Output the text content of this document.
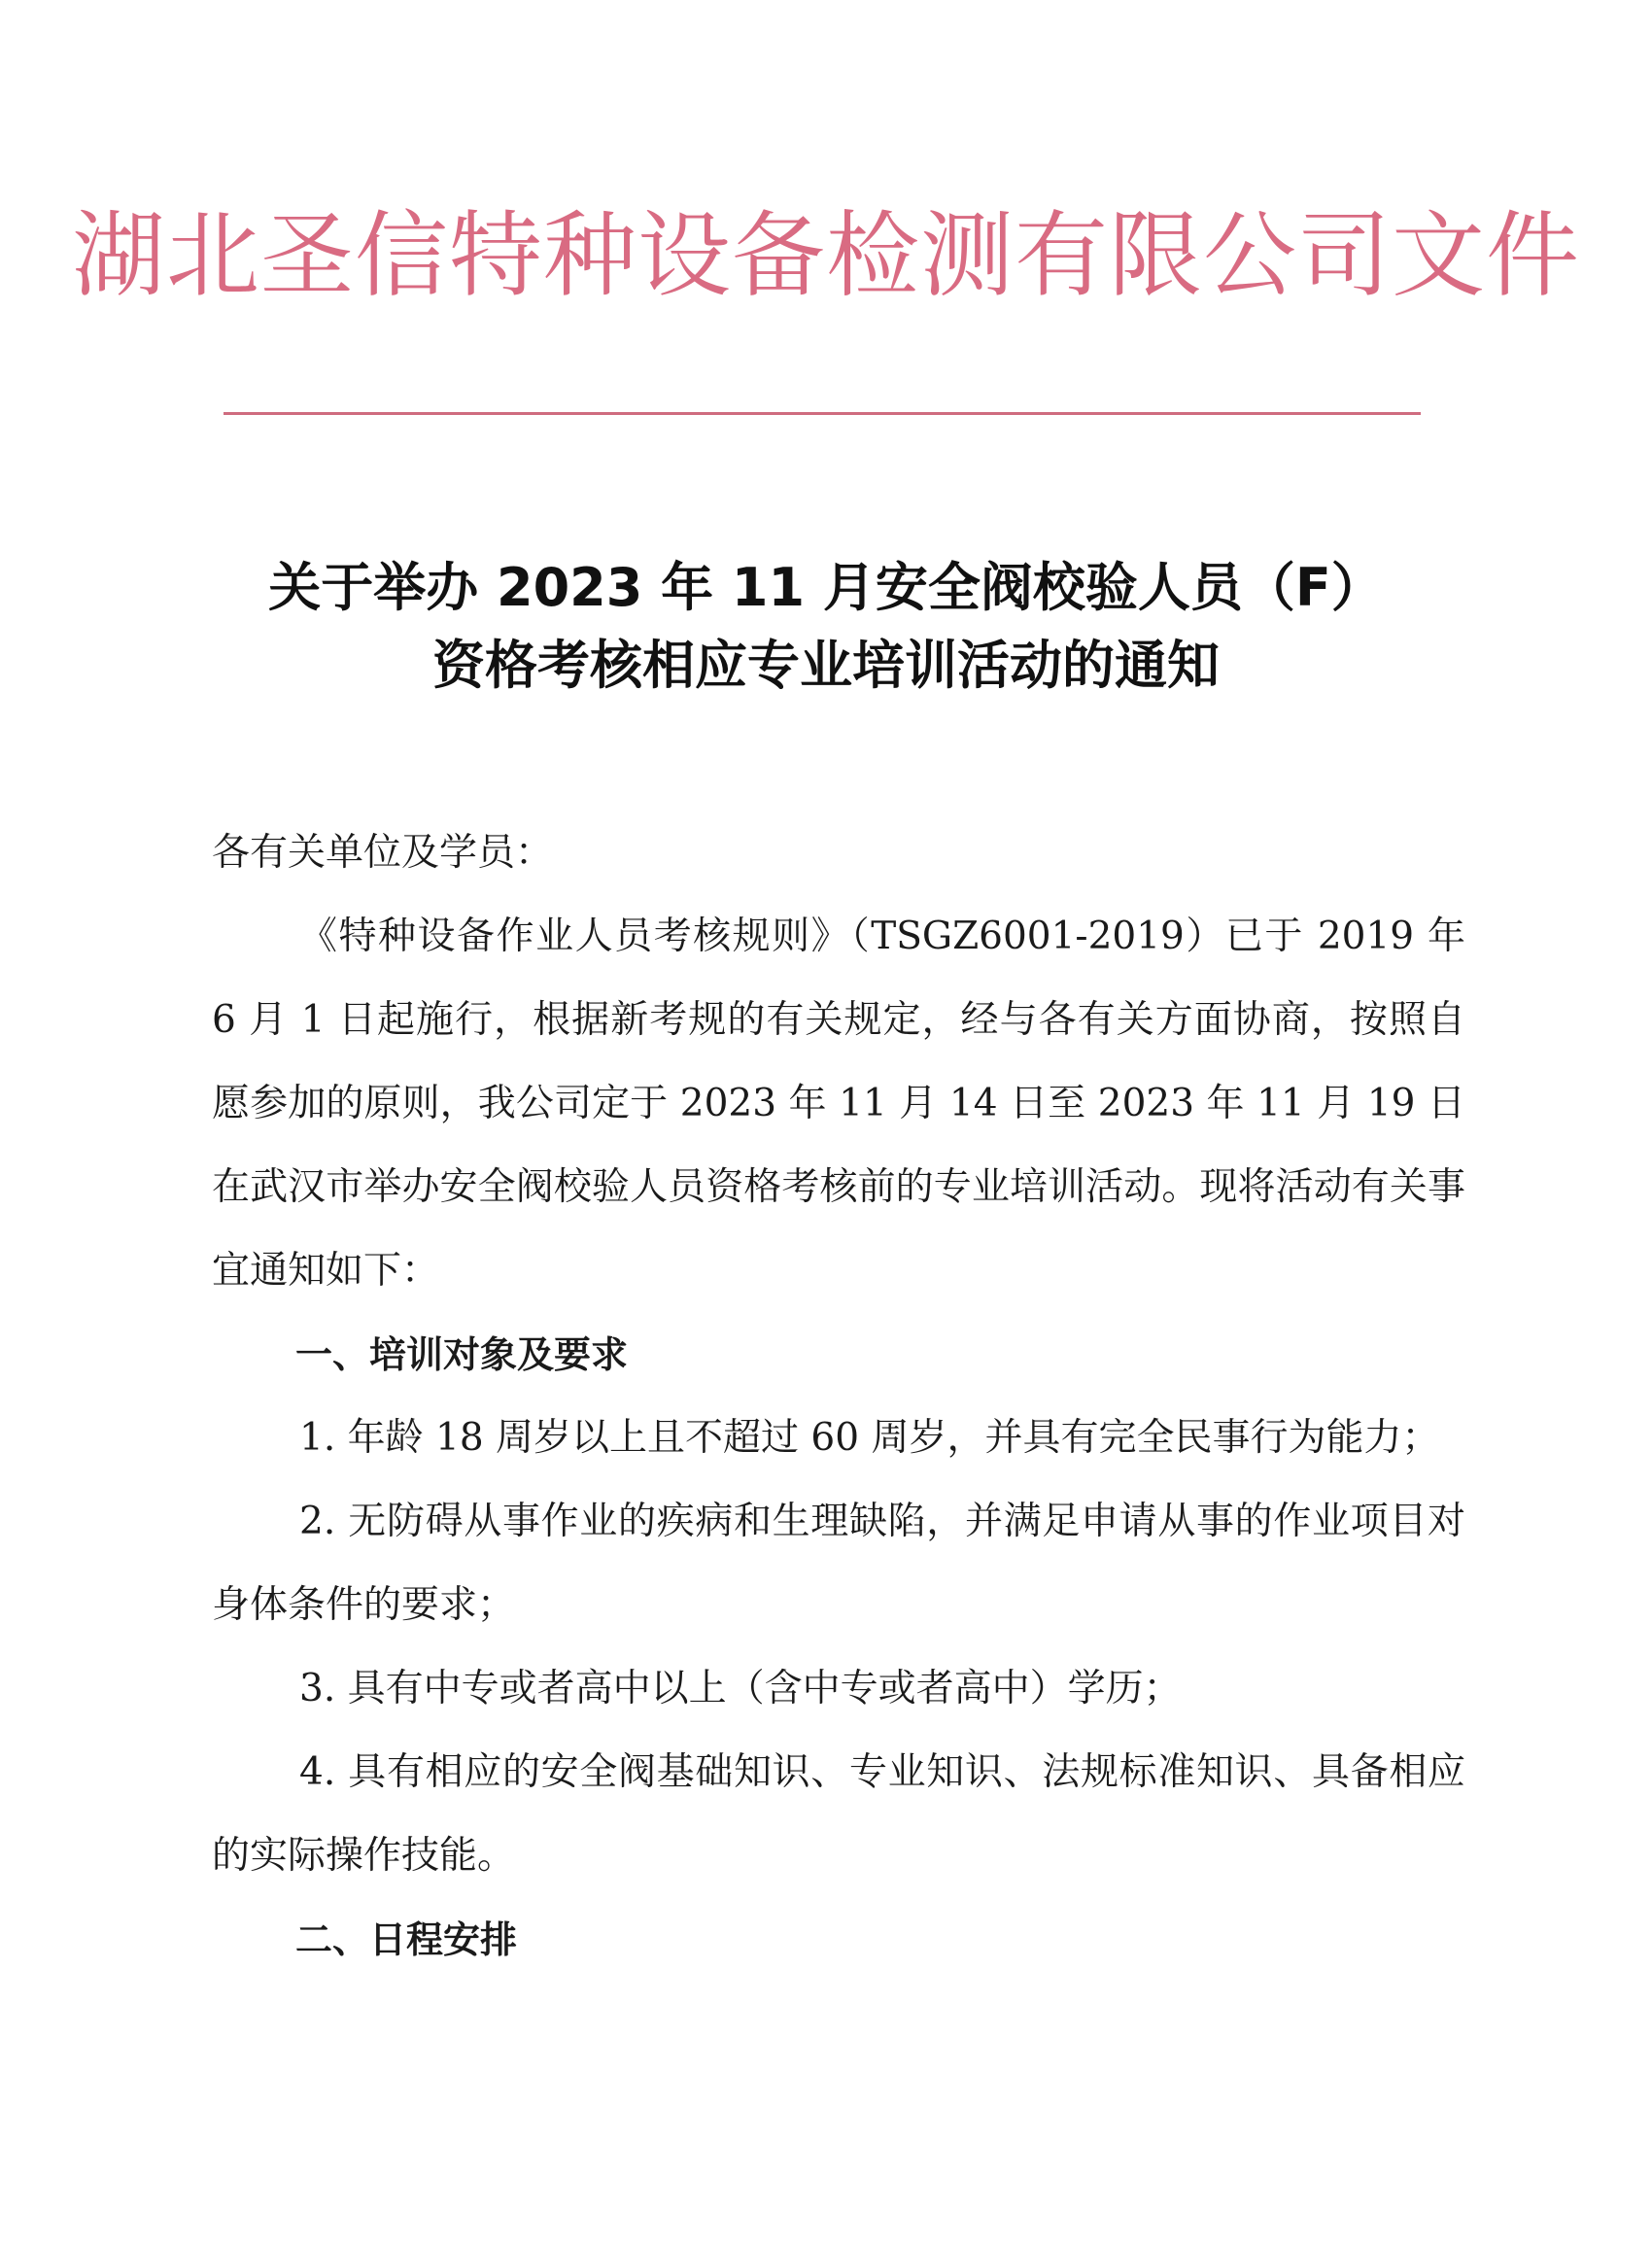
湖北圣信特种设备检测有限公司文件
关于举办 2023 年 11 月安全阀校验人员（F）
资格考核相应专业培训活动的通知

各有关单位及学员：

《特种设备作业人员考核规则》（TSGZ6001-2019）已于 2019 年 6 月 1 日起施行，根据新考规的有关规定，经与各有关方面协商，按照自愿参加的原则，我公司定于 2023 年 11 月 14 日至 2023 年 11 月 19 日在武汉市举办安全阀校验人员资格考核前的专业培训活动。现将活动有关事宜通知如下：

一、培训对象及要求

1. 年龄 18 周岁以上且不超过 60 周岁，并具有完全民事行为能力；

2. 无防碍从事作业的疾病和生理缺陷，并满足申请从事的作业项目对身体条件的要求；

3. 具有中专或者高中以上（含中专或者高中）学历；

4. 具有相应的安全阀基础知识、专业知识、法规标准知识、具备相应的实际操作技能。

二、日程安排
